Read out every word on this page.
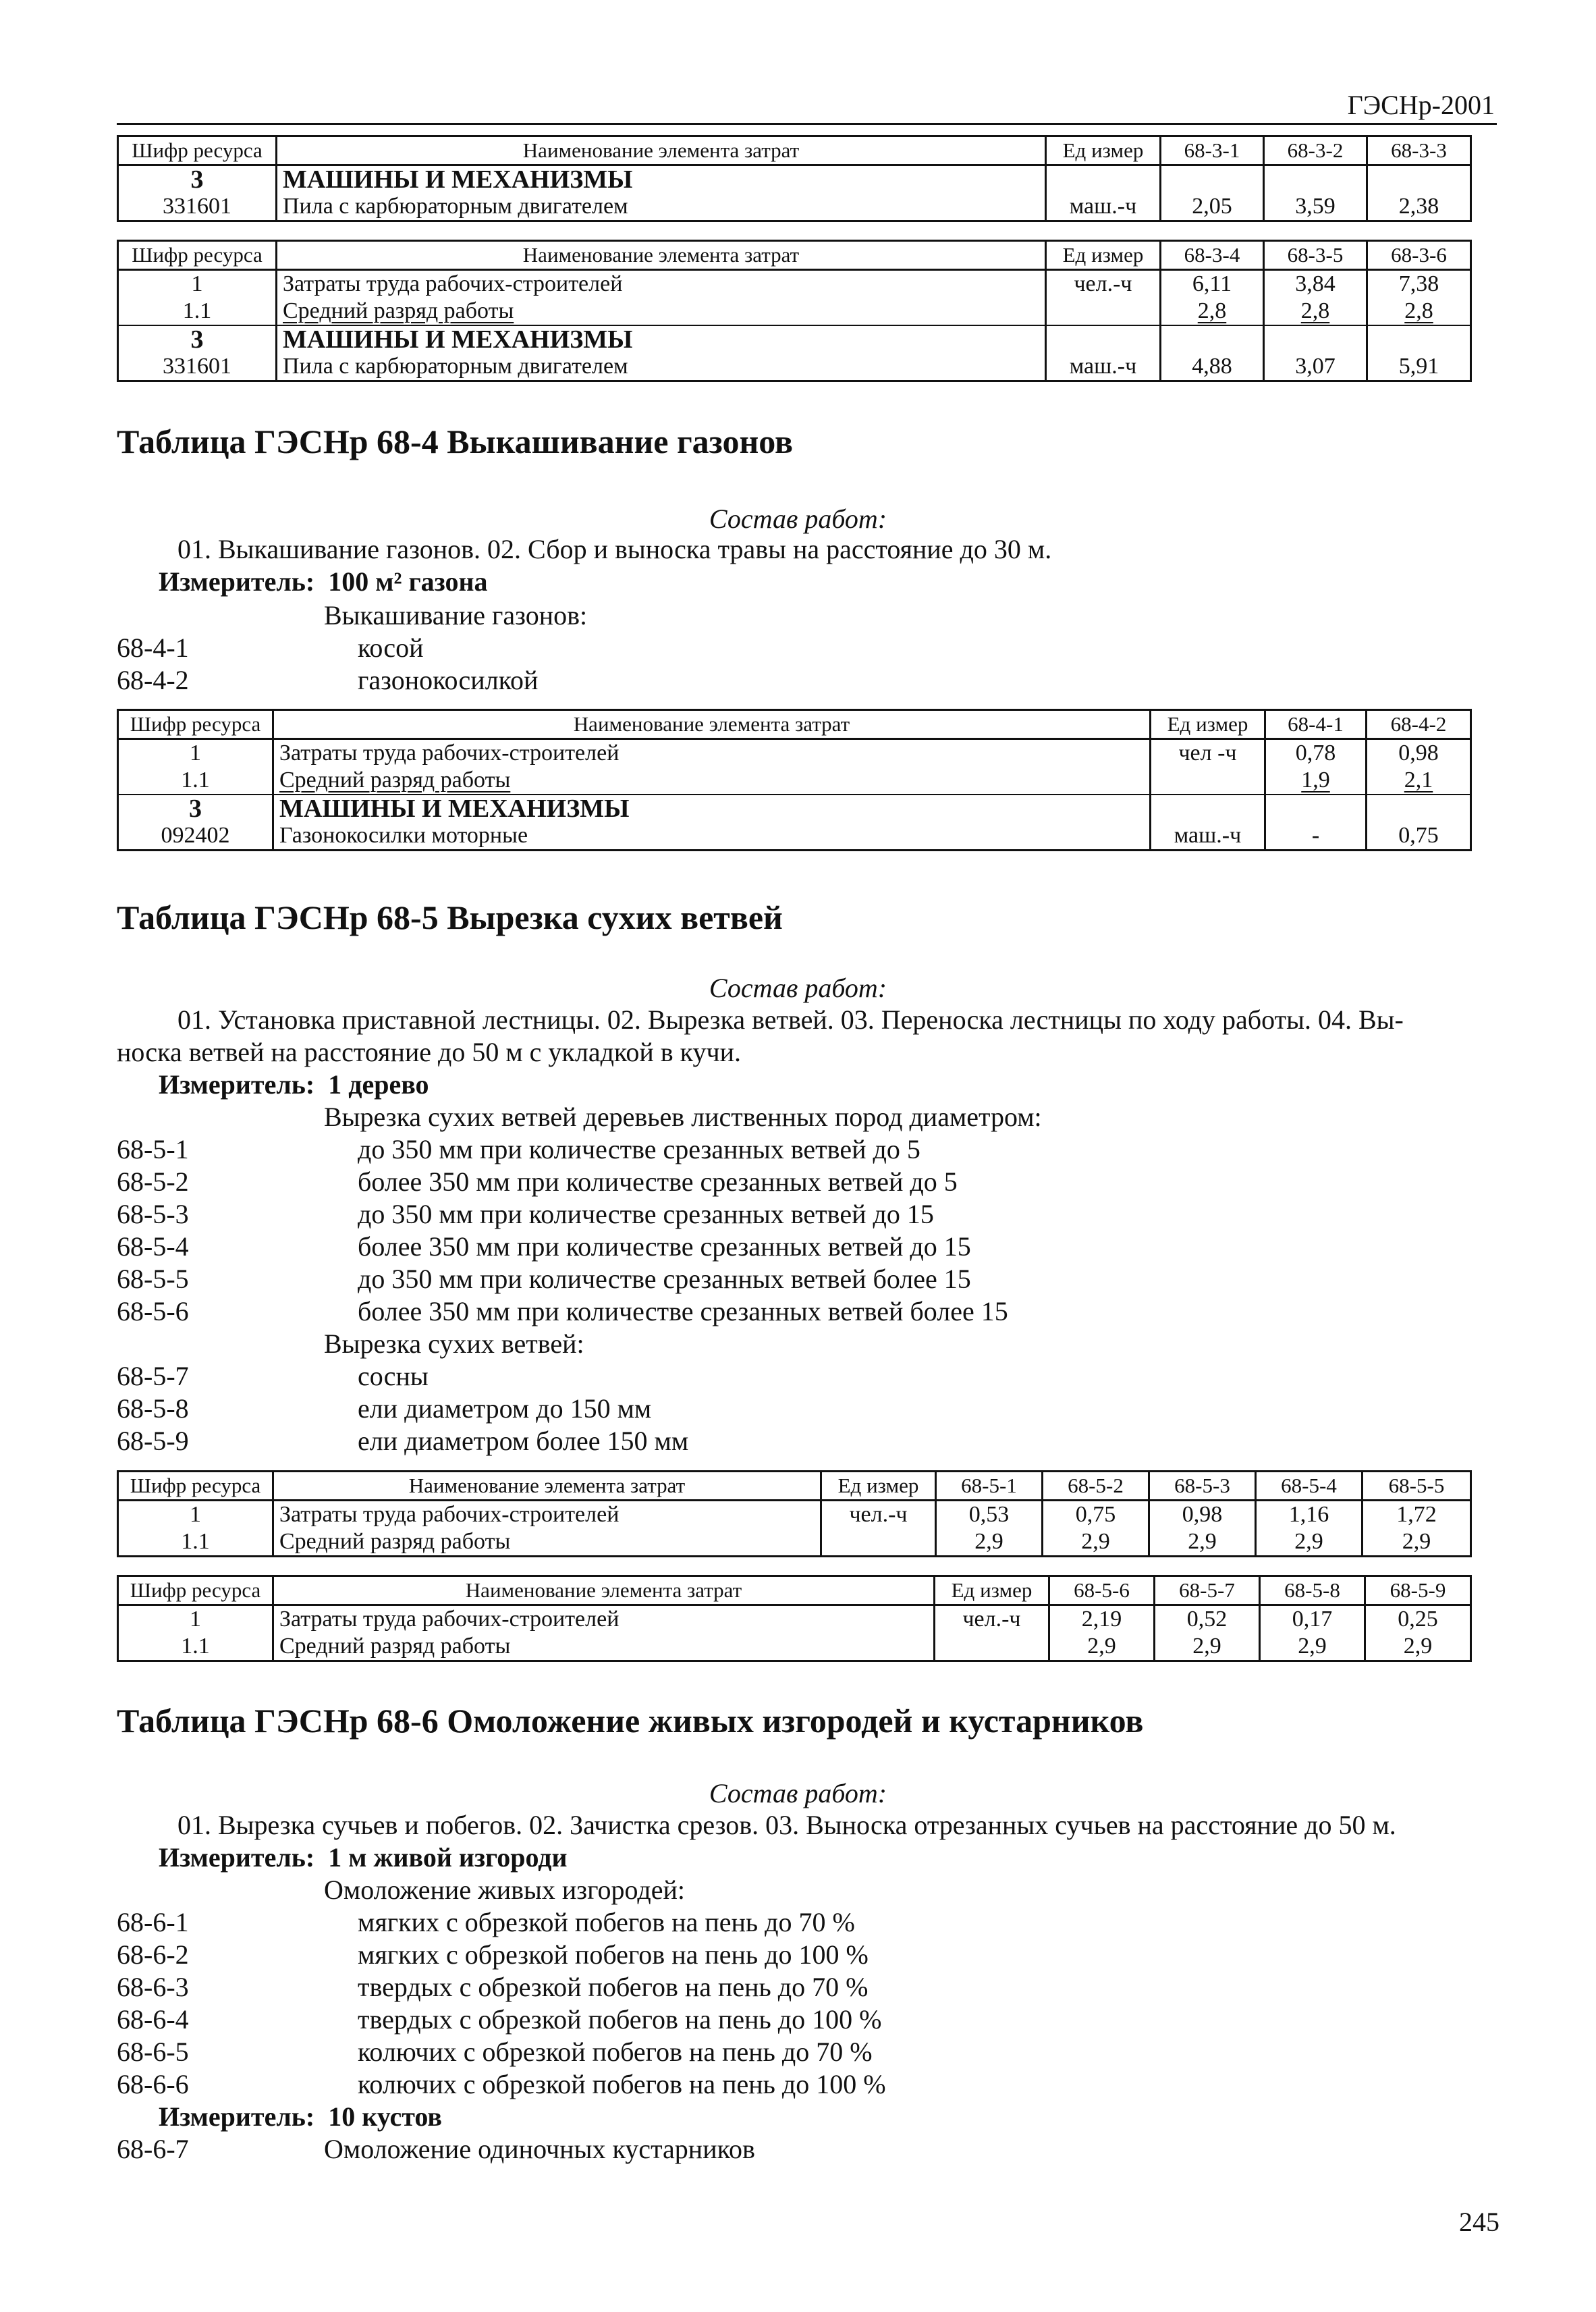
ГЭСНр-2001
Шифр ресурса	Наименование элемента затрат	Ед измер	68-3-1	68-3-2	68-3-3
3	МАШИНЫ И МЕХАНИЗМЫ				
331601	Пила с карбюраторным двигателем	маш.-ч	2,05	3,59	2,38
Шифр ресурса	Наименование элемента затрат	Ед измер	68-3-4	68-3-5	68-3-6
1	Затраты труда рабочих-строителей	чел.-ч	6,11	3,84	7,38
1.1	Средний разряд работы		2,8	2,8	2,8
3	МАШИНЫ И МЕХАНИЗМЫ				
331601	Пила с карбюраторным двигателем	маш.-ч	4,88	3,07	5,91
Таблица ГЭСНр 68-4 Выкашивание газонов
Состав работ:
01. Выкашивание газонов. 02. Сбор и выноска травы на расстояние до 30 м.
Измеритель: 100 м² газона
Выкашивание газонов:
68-4-1	косой
68-4-2	газонокосилкой
Шифр ресурса	Наименование элемента затрат	Ед измер	68-4-1	68-4-2
1	Затраты труда рабочих-строителей	чел -ч	0,78	0,98
1.1	Средний разряд работы		1,9	2,1
3	МАШИНЫ И МЕХАНИЗМЫ			
092402	Газонокосилки моторные	маш.-ч	-	0,75
Таблица ГЭСНр 68-5 Вырезка сухих ветвей
Состав работ:
01. Установка приставной лестницы. 02. Вырезка ветвей. 03. Переноска лестницы по ходу работы. 04. Вы-
носка ветвей на расстояние до 50 м с укладкой в кучи.
Измеритель: 1 дерево
Вырезка сухих ветвей деревьев лиственных пород диаметром:
68-5-1	до 350 мм при количестве срезанных ветвей до 5
68-5-2	более 350 мм при количестве срезанных ветвей до 5
68-5-3	до 350 мм при количестве срезанных ветвей до 15
68-5-4	более 350 мм при количестве срезанных ветвей до 15
68-5-5	до 350 мм при количестве срезанных ветвей более 15
68-5-6	более 350 мм при количестве срезанных ветвей более 15
Вырезка сухих ветвей:
68-5-7	сосны
68-5-8	ели диаметром до 150 мм
68-5-9	ели диаметром более 150 мм
Шифр ресурса	Наименование элемента затрат	Ед измер	68-5-1	68-5-2	68-5-3	68-5-4	68-5-5
1	Затраты труда рабочих-строителей	чел.-ч	0,53	0,75	0,98	1,16	1,72
1.1	Средний разряд работы		2,9	2,9	2,9	2,9	2,9
Шифр ресурса	Наименование элемента затрат	Ед измер	68-5-6	68-5-7	68-5-8	68-5-9
1	Затраты труда рабочих-строителей	чел.-ч	2,19	0,52	0,17	0,25
1.1	Средний разряд работы		2,9	2,9	2,9	2,9
Таблица ГЭСНр 68-6 Омоложение живых изгородей и кустарников
Состав работ:
01. Вырезка сучьев и побегов. 02. Зачистка срезов. 03. Выноска отрезанных сучьев на расстояние до 50 м.
Измеритель: 1 м живой изгороди
Омоложение живых изгородей:
68-6-1	мягких с обрезкой побегов на пень до 70 %
68-6-2	мягких с обрезкой побегов на пень до 100 %
68-6-3	твердых с обрезкой побегов на пень до 70 %
68-6-4	твердых с обрезкой побегов на пень до 100 %
68-6-5	колючих с обрезкой побегов на пень до 70 %
68-6-6	колючих с обрезкой побегов на пень до 100 %
Измеритель: 10 кустов
68-6-7	Омоложение одиночных кустарников
245
